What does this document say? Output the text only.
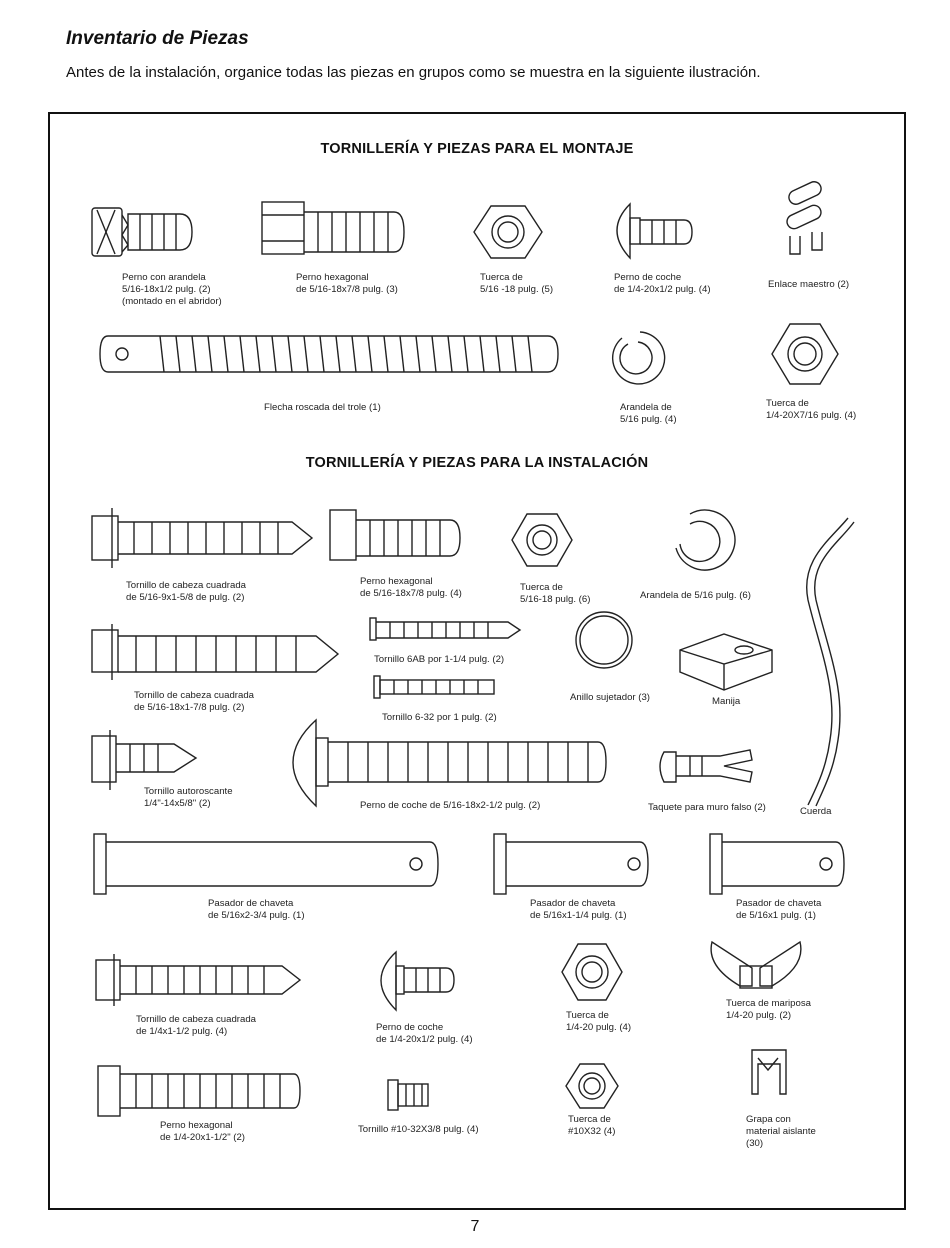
Inventario de Piezas
Antes de la instalación, organice todas las piezas en grupos como se muestra en la siguiente ilustración.
TORNILLERÍA Y PIEZAS PARA EL MONTAJE
TORNILLERÍA Y PIEZAS PARA LA INSTALACIÓN
Perno con arandela
5/16-18x1/2 pulg. (2)
(montado en el abridor)
Perno hexagonal
de 5/16-18x7/8 pulg. (3)
Tuerca de
5/16 -18 pulg. (5)
Perno de coche
de 1/4-20x1/2 pulg. (4)	Enlace maestro (2)
Flecha roscada del trole (1)	Arandela de
5/16 pulg. (4)
Tuerca de
1/4-20X7/16 pulg. (4)
Tornillo de cabeza cuadrada
de 5/16-9x1-5/8 de pulg. (2)
Perno hexagonal
de 5/16-18x7/8 pulg. (4)
Tuerca de
5/16-18 pulg. (6)	Arandela de 5/16 pulg. (6)
Tornillo de cabeza cuadrada
de 5/16-18x1-7/8 pulg. (2)
Tornillo 6AB por 1-1/4 pulg. (2)
Tornillo 6-32 por 1 pulg. (2)
Anillo sujetador (3)	Manija
Tornillo autoroscante
1/4"-14x5/8" (2)	Perno de coche de 5/16-18x2-1/2 pulg. (2)	Taquete para muro falso (2)	Cuerda
Pasador de chaveta
de 5/16x2-3/4 pulg. (1)
Pasador de chaveta
de 5/16x1-1/4 pulg. (1)
Pasador de chaveta
de 5/16x1 pulg. (1)
Tornillo de cabeza cuadrada
de 1/4x1-1/2 pulg. (4)	Perno de coche
de 1/4-20x1/2 pulg. (4)
Tuerca de
1/4-20 pulg. (4)
Tuerca de mariposa
1/4-20 pulg. (2)
Perno hexagonal
de 1/4-20x1-1/2" (2)
Tornillo #10-32X3/8 pulg. (4)
Tuerca de
#10X32 (4)
Grapa con
material aislante
(30)
7
